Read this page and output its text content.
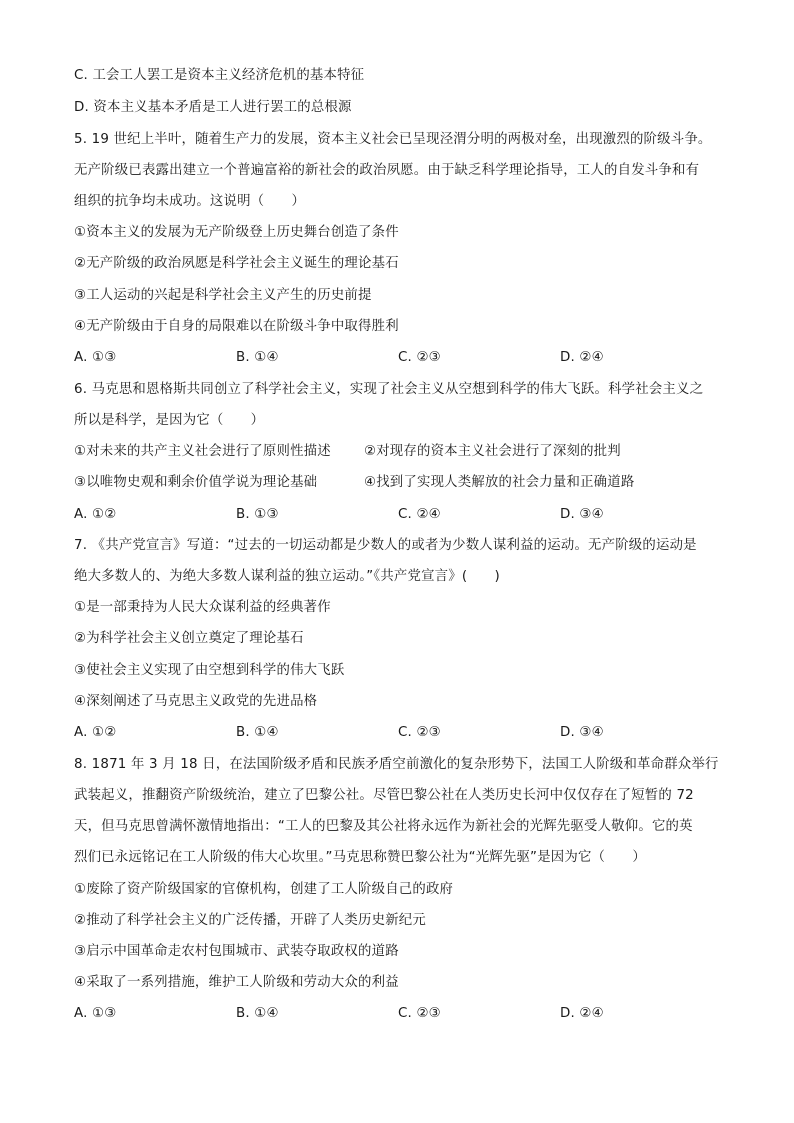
C. 工会工人罢工是资本主义经济危机的基本特征
D. 资本主义基本矛盾是工人进行罢工的总根源
5. 19 世纪上半叶，随着生产力的发展，资本主义社会已呈现泾渭分明的两极对垒，出现激烈的阶级斗争。
无产阶级已表露出建立一个普遍富裕的新社会的政治夙愿。由于缺乏科学理论指导，工人的自发斗争和有
组织的抗争均未成功。这说明（　　）
①资本主义的发展为无产阶级登上历史舞台创造了条件
②无产阶级的政治夙愿是科学社会主义诞生的理论基石
③工人运动的兴起是科学社会主义产生的历史前提
④无产阶级由于自身的局限难以在阶级斗争中取得胜利
A. ①③	B. ①④	C. ②③	D. ②④
6. 马克思和恩格斯共同创立了科学社会主义，实现了社会主义从空想到科学的伟大飞跃。科学社会主义之
所以是科学，是因为它（　　）
①对未来的共产主义社会进行了原则性描述 ②对现存的资本主义社会进行了深刻的批判
③以唯物史观和剩余价值学说为理论基础	④找到了实现人类解放的社会力量和正确道路
A. ①②	B. ①③	C. ②④	D. ③④
7. 《共产党宣言》写道：“过去的一切运动都是少数人的或者为少数人谋利益的运动。无产阶级的运动是
绝大多数人的、为绝大多数人谋利益的独立运动。”《共产党宣言》(　　)
①是一部秉持为人民大众谋利益的经典著作
②为科学社会主义创立奠定了理论基石
③使社会主义实现了由空想到科学的伟大飞跃
④深刻阐述了马克思主义政党的先进品格
A. ①②	B. ①④	C. ②③	D. ③④
8. 1871 年 3 月 18 日，在法国阶级矛盾和民族矛盾空前激化的复杂形势下，法国工人阶级和革命群众举行
武装起义，推翻资产阶级统治，建立了巴黎公社。尽管巴黎公社在人类历史长河中仅仅存在了短暂的 72
天，但马克思曾满怀激情地指出：“工人的巴黎及其公社将永远作为新社会的光辉先驱受人敬仰。它的英
烈们已永远铭记在工人阶级的伟大心坎里。”马克思称赞巴黎公社为“光辉先驱”是因为它（　　）
①废除了资产阶级国家的官僚机构，创建了工人阶级自己的政府
②推动了科学社会主义的广泛传播，开辟了人类历史新纪元
③启示中国革命走农村包围城市、武装夺取政权的道路
④采取了一系列措施，维护工人阶级和劳动大众的利益
A. ①③	B. ①④	C. ②③	D. ②④
